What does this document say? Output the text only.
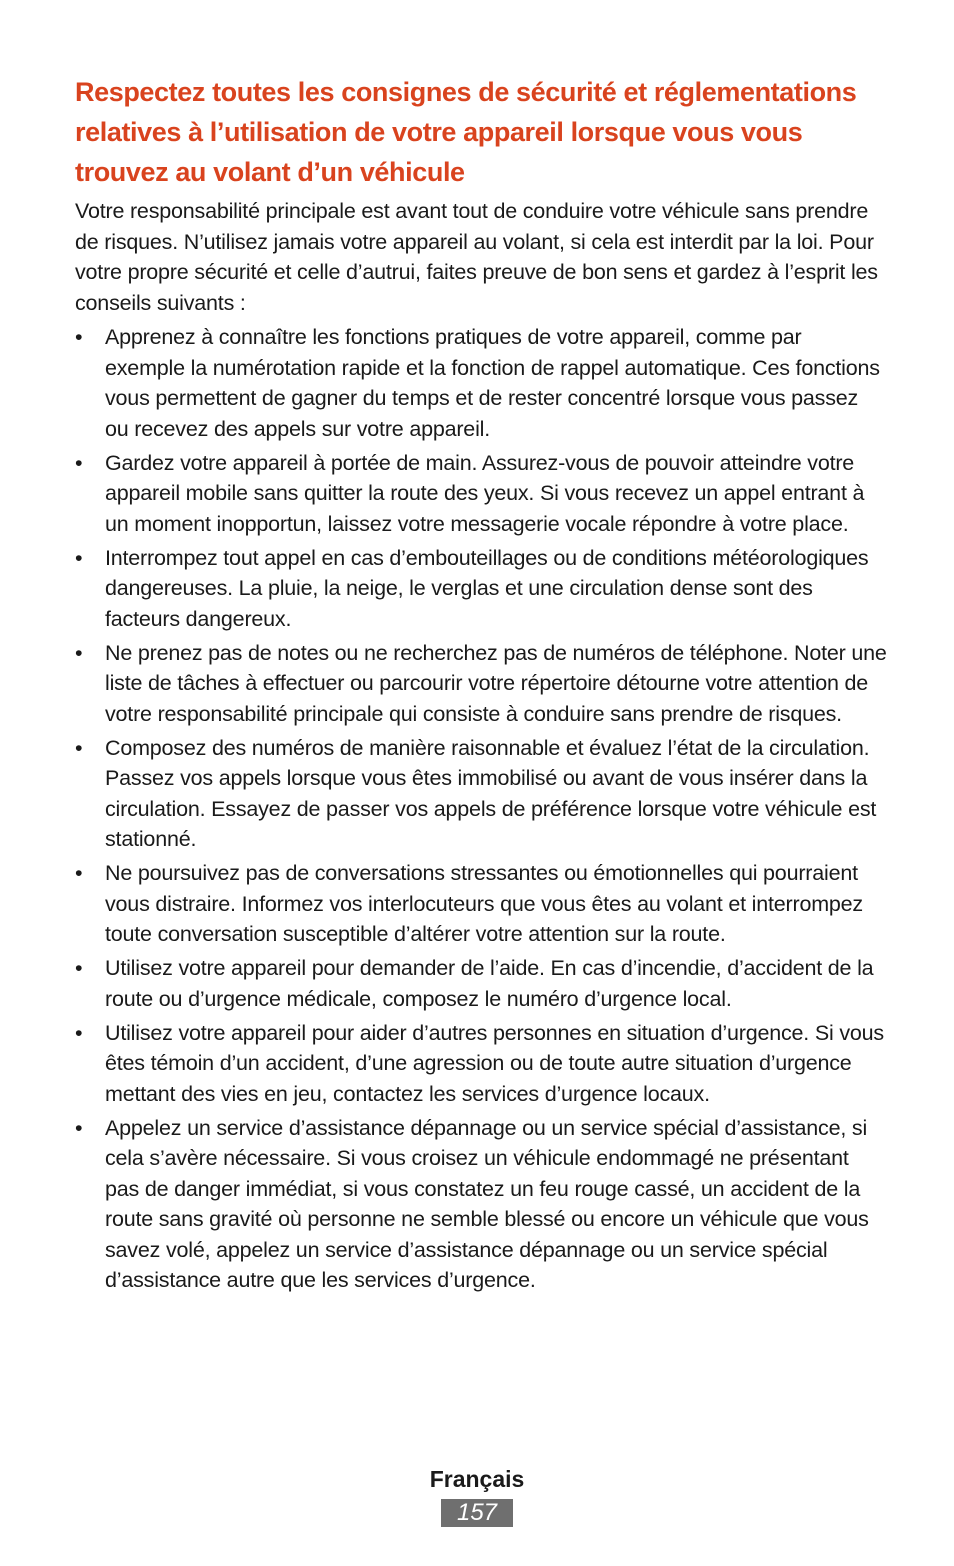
Respectez toutes les consignes de sécurité et réglementations relatives à l’utilisation de votre appareil lorsque vous vous trouvez au volant d’un véhicule

Votre responsabilité principale est avant tout de conduire votre véhicule sans prendre de risques. N’utilisez jamais votre appareil au volant, si cela est interdit par la loi. Pour votre propre sécurité et celle d’autrui, faites preuve de bon sens et gardez à l’esprit les conseils suivants :

•	Apprenez à connaître les fonctions pratiques de votre appareil, comme par exemple la numérotation rapide et la fonction de rappel automatique. Ces fonctions vous permettent de gagner du temps et de rester concentré lorsque vous passez ou recevez des appels sur votre appareil.
•	Gardez votre appareil à portée de main. Assurez-vous de pouvoir atteindre votre appareil mobile sans quitter la route des yeux. Si vous recevez un appel entrant à un moment inopportun, laissez votre messagerie vocale répondre à votre place.
•	Interrompez tout appel en cas d’embouteillages ou de conditions météorologiques dangereuses. La pluie, la neige, le verglas et une circulation dense sont des facteurs dangereux.
•	Ne prenez pas de notes ou ne recherchez pas de numéros de téléphone. Noter une liste de tâches à effectuer ou parcourir votre répertoire détourne votre attention de votre responsabilité principale qui consiste à conduire sans prendre de risques.
•	Composez des numéros de manière raisonnable et évaluez l’état de la circulation. Passez vos appels lorsque vous êtes immobilisé ou avant de vous insérer dans la circulation. Essayez de passer vos appels de préférence lorsque votre véhicule est stationné.
•	Ne poursuivez pas de conversations stressantes ou émotionnelles qui pourraient vous distraire. Informez vos interlocuteurs que vous êtes au volant et interrompez toute conversation susceptible d’altérer votre attention sur la route.
•	Utilisez votre appareil pour demander de l’aide. En cas d’incendie, d’accident de la route ou d’urgence médicale, composez le numéro d’urgence local.
•	Utilisez votre appareil pour aider d’autres personnes en situation d’urgence. Si vous êtes témoin d’un accident, d’une agression ou de toute autre situation d’urgence mettant des vies en jeu, contactez les services d’urgence locaux.
•	Appelez un service d’assistance dépannage ou un service spécial d’assistance, si cela s’avère nécessaire. Si vous croisez un véhicule endommagé ne présentant pas de danger immédiat, si vous constatez un feu rouge cassé, un accident de la route sans gravité où personne ne semble blessé ou encore un véhicule que vous savez volé, appelez un service d’assistance dépannage ou un service spécial d’assistance autre que les services d’urgence.
Français
157
